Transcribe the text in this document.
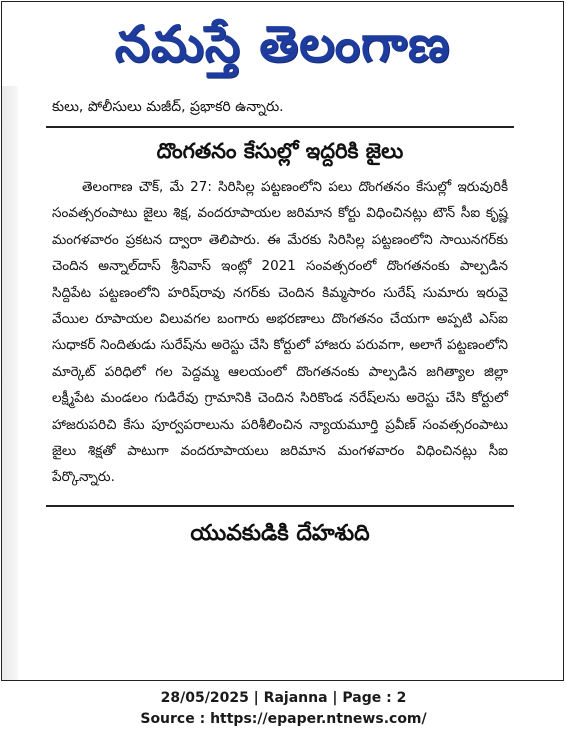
నమస్తే తెలంగాణ

కులు, పోలీసులు మజీద్, ప్రభాకరి ఉన్నారు.

దొంగతనం కేసుల్లో ఇద్దరికి జైలు

తెలంగాణ చౌక్, మే 27: సిరిసిల్ల పట్టణంలోని పలు దొంగతనం కేసుల్లో ఇరువురికీ సంవత్సరంపాటు జైలు శిక్ష, వందరూపాయల జరిమాన కోర్టు విధించినట్లు టౌన్ సీఐ కృష్ణ మంగళవారం ప్రకటన ద్వారా తెలిపారు. ఈ మేరకు సిరిసిల్ల పట్టణంలోని సాయినగర్‌కు చెందిన అన్నాల్‌దాస్ శ్రీనివాస్ ఇంట్లో 2021 సంవత్సరంలో దొంగతనంకు పాల్పడిన సిద్దిపేట పట్టణంలోని హరిష్‌రావు నగర్‌కు చెందిన కిమ్మసారం సురేష్ సుమారు ఇరువై వేయిల రూపాయల విలువగల బంగారు అభరణాలు దొంగతనం చేయగా అప్పటి ఎస్ఐ సుధాకర్ నిందితుడు సురేష్‌ను అరెస్టు చేసి కోర్టులో హాజరు పరువగా, అలాగే పట్టణంలోని మార్కెట్ పరిధిలో గల పెద్దమ్మ ఆలయంలో దొంగతనంకు పాల్పడిన జగిత్యాల జిల్లా లక్ష్మీపేట మండలం గుడిరేవు గ్రామానికి చెందిన సిరికొండ నరేష్‌లను అరెస్టు చేసి కోర్టులో హాజరుపరిచి కేసు పూర్వపరాలును పరిశీలించిన న్యాయమూర్తి ప్రవీణ్ సంవత్సరంపాటు జైలు శిక్షతో పాటుగా వందరూపాయలు జరిమాన మంగళవారం విధించినట్లు సీఐ పేర్కొన్నారు.

యువకుడికి దేహశుది
28/05/2025 | Rajanna | Page : 2
Source : https://epaper.ntnews.com/
